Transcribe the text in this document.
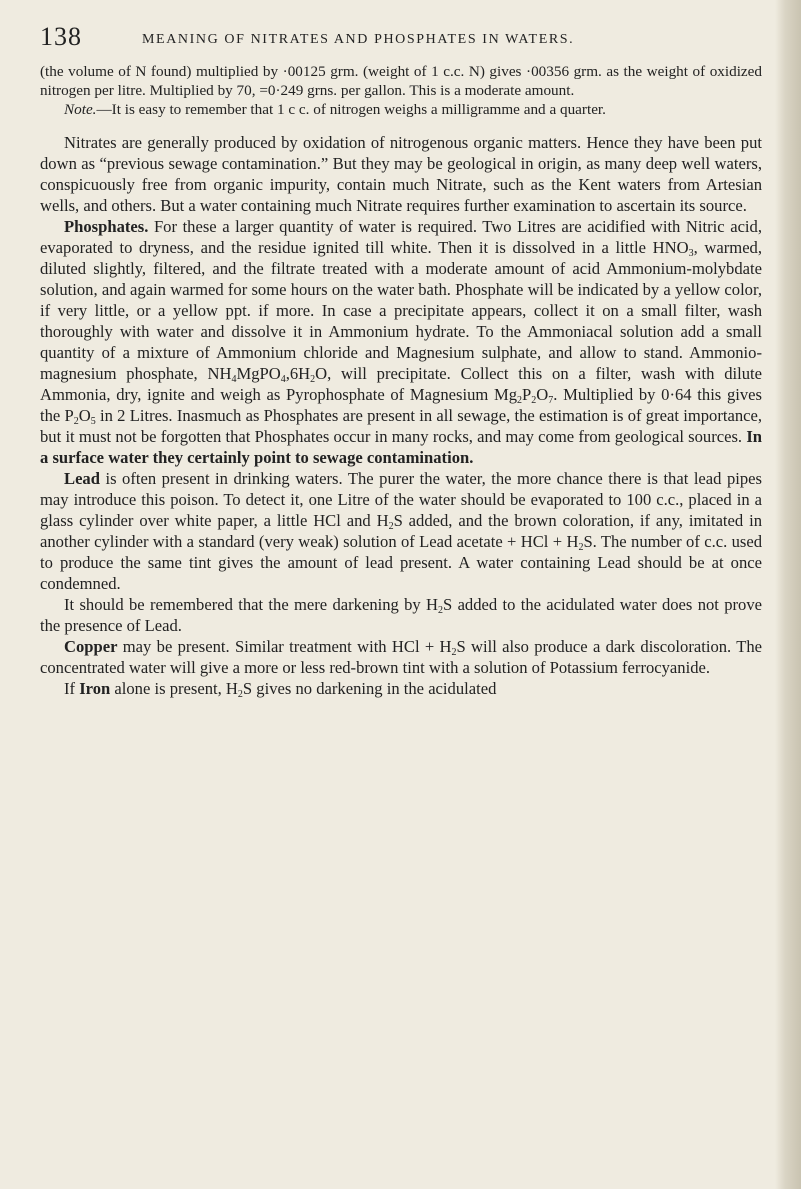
138	MEANING OF NITRATES AND PHOSPHATES IN WATERS.

(the volume of N found) multiplied by ·00125 grm. (weight of 1 c.c. N) gives ·00356 grm. as the weight of oxidized nitrogen per litre. Multiplied by 70, =0·249 grns. per gallon. This is a moderate amount.

Note.—It is easy to remember that 1 c c. of nitrogen weighs a milligramme and a quarter.

Nitrates are generally produced by oxidation of nitrogenous organic matters. Hence they have been put down as “previous sewage contamination.” But they may be geological in origin, as many deep well waters, conspicuously free from organic impurity, contain much Nitrate, such as the Kent waters from Artesian wells, and others. But a water containing much Nitrate requires further examination to ascertain its source.

Phosphates. For these a larger quantity of water is required. Two Litres are acidified with Nitric acid, evaporated to dryness, and the residue ignited till white. Then it is dissolved in a little $HNO_3$, warmed, diluted slightly, filtered, and the filtrate treated with a moderate amount of acid Ammonium-molybdate solution, and again warmed for some hours on the water bath. Phosphate will be indicated by a yellow color, if very little, or a yellow ppt. if more. In case a precipitate appears, collect it on a small filter, wash thoroughly with water and dissolve it in Ammonium hydrate. To the Ammoniacal solution add a small quantity of a mixture of Ammonium chloride and Magnesium sulphate, and allow to stand. Ammonio-magnesium phosphate, $NH_4MgPO_4,6H_2O$, will precipitate. Collect this on a filter, wash with dilute Ammonia, dry, ignite and weigh as Pyrophosphate of Magnesium $Mg_2P_2O_7$. Multiplied by 0·64 this gives the $P_2O_5$ in 2 Litres. Inasmuch as Phosphates are present in all sewage, the estimation is of great importance, but it must not be forgotten that Phosphates occur in many rocks, and may come from geological sources. In a surface water they certainly point to sewage contamination.

Lead is often present in drinking waters. The purer the water, the more chance there is that lead pipes may introduce this poison. To detect it, one Litre of the water should be evaporated to 100 c.c., placed in a glass cylinder over white paper, a little HCl and $H_2S$ added, and the brown coloration, if any, imitated in another cylinder with a standard (very weak) solution of Lead acetate + HCl + $H_2S$. The number of c.c. used to produce the same tint gives the amount of lead present. A water containing Lead should be at once condemned.

It should be remembered that the mere darkening by $H_2S$ added to the acidulated water does not prove the presence of Lead.

Copper may be present. Similar treatment with HCl + $H_2S$ will also produce a dark discoloration. The concentrated water will give a more or less red-brown tint with a solution of Potassium ferrocyanide.

If Iron alone is present, $H_2S$ gives no darkening in the acidulated
